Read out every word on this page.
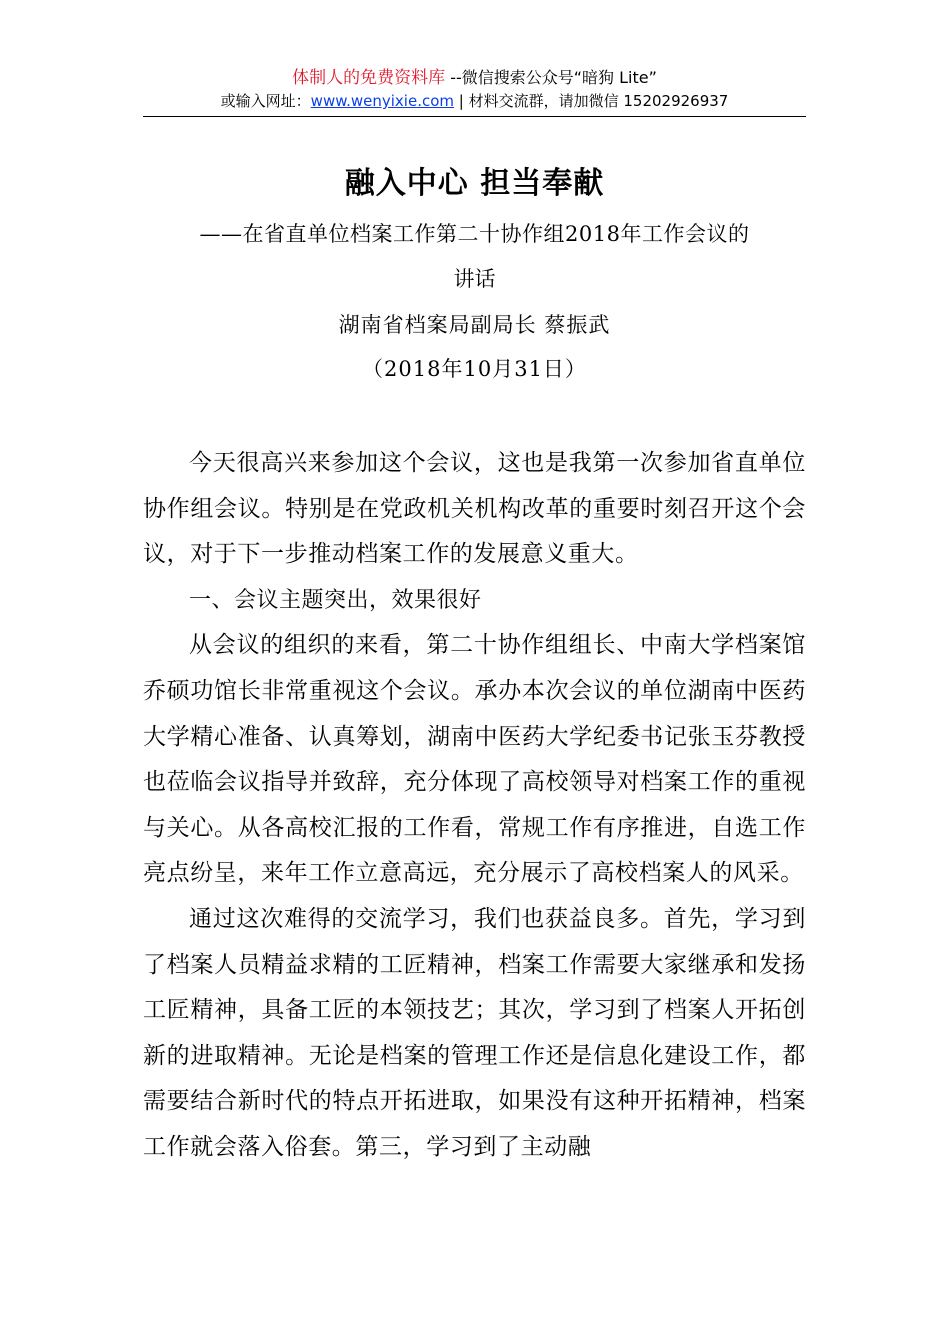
体制人的免费资料库 --微信搜索公众号“暗狗 Lite”
或输入网址：www.wenyixie.com | 材料交流群，请加微信 15202926937
融入中心 担当奉献
——在省直单位档案工作第二十协作组2018年工作会议的
讲话
湖南省档案局副局长 蔡振武
（2018年10月31日）

今天很高兴来参加这个会议，这也是我第一次参加省直单位协作组会议。特别是在党政机关机构改革的重要时刻召开这个会议，对于下一步推动档案工作的发展意义重大。

一、会议主题突出，效果很好

从会议的组织的来看，第二十协作组组长、中南大学档案馆乔硕功馆长非常重视这个会议。承办本次会议的单位湖南中医药大学精心准备、认真筹划，湖南中医药大学纪委书记张玉芬教授也莅临会议指导并致辞，充分体现了高校领导对档案工作的重视与关心。从各高校汇报的工作看，常规工作有序推进，自选工作亮点纷呈，来年工作立意高远，充分展示了高校档案人的风采。

通过这次难得的交流学习，我们也获益良多。首先，学习到了档案人员精益求精的工匠精神，档案工作需要大家继承和发扬工匠精神，具备工匠的本领技艺；其次，学习到了档案人开拓创新的进取精神。无论是档案的管理工作还是信息化建设工作，都需要结合新时代的特点开拓进取，如果没有这种开拓精神，档案工作就会落入俗套。第三，学习到了主动融
